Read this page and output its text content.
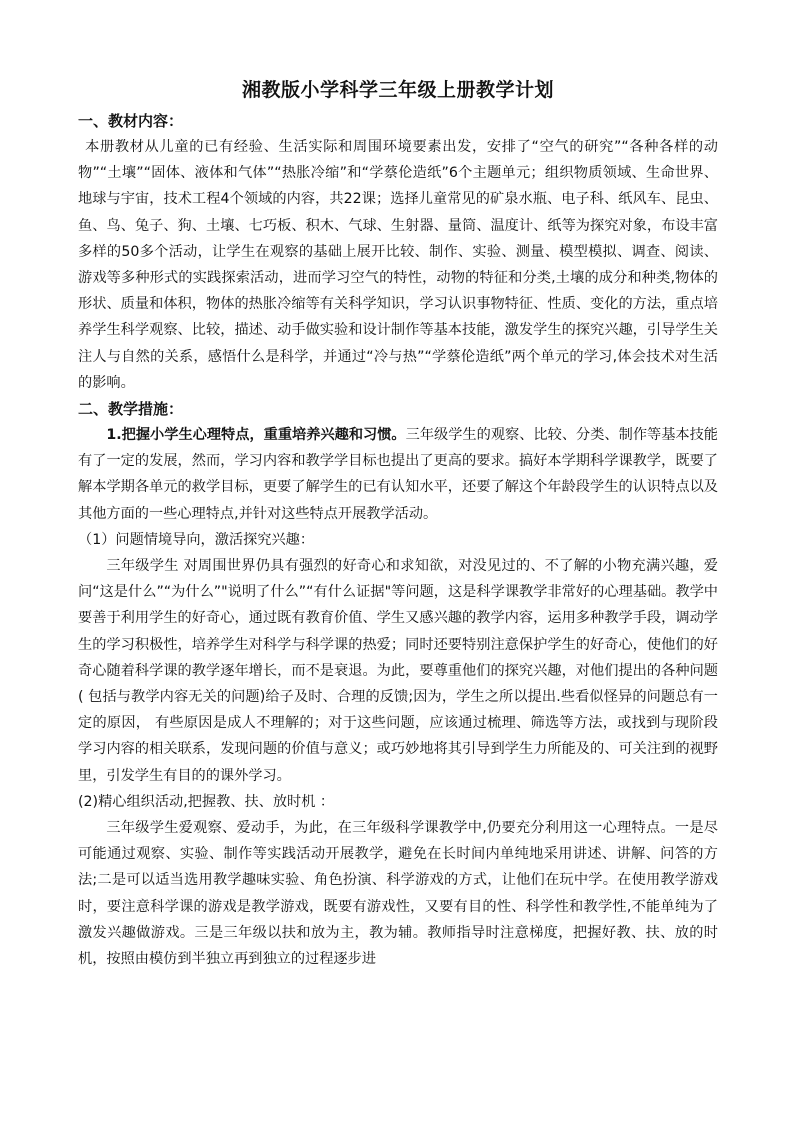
湘教版小学科学三年级上册教学计划

一、教材内容：

本册教材从儿童的已有经验、生活实际和周围环境要素出发，安排了“空气的研究”“各种各样的动物”“土壤”“固体、液体和气体”“热胀冷缩”和“学蔡伦造纸”6个主题单元；组织物质领域、生命世界、地球与宇宙，技术工程4个领域的内容，共22课；选择儿童常见的矿泉水瓶、电子科、纸风车、昆虫、鱼、鸟、兔子、狗、土壤、七巧板、积木、气球、生射器、量筒、温度计、纸等为探究对象，布设丰富多样的50多个活动，让学生在观察的基础上展开比较、制作、实验、测量、模型模拟、调查、阅读、游戏等多种形式的实践探索活动，进而学习空气的特性，动物的特征和分类,土壤的成分和种类,物体的形状、质量和体积，物体的热胀冷缩等有关科学知识，学习认识事物特征、性质、变化的方法，重点培养学生科学观察、比较，描述、动手做实验和设计制作等基本技能，激发学生的探究兴趣，引导学生关注人与自然的关系，感悟什么是科学，并通过“冷与热”“学蔡伦造纸”两个单元的学习,体会技术对生活的影响。

二、教学措施：

1.把握小学生心理特点，重重培养兴趣和习惯。三年级学生的观察、比较、分类、制作等基本技能有了一定的发展，然而，学习内容和教学学目标也提出了更高的要求。搞好本学期科学课教学，既要了解本学期各单元的救学目标，更要了解学生的已有认知水平，还要了解这个年龄段学生的认识特点以及其他方面的一些心理特点,并针对这些特点开展教学活动。

（1）问题情境导向，激活探究兴趣：

三年级学生 对周围世界仍具有强烈的好奇心和求知欲，对没见过的、不了解的小物充满兴趣，爱问“这是什么”“为什么”"说明了什么”“有什么证据"等问题，这是科学课教学非常好的心理基础。教学中要善于利用学生的好奇心，通过既有教育价值、学生又感兴趣的教学内容，运用多种教学手段，调动学生的学习积极性，培养学生对科学与科学课的热爱；同时还要特别注意保护学生的好奇心，使他们的好奇心随着科学课的教学逐年增长，而不是衰退。为此，要尊重他们的探究兴趣，对他们提出的各种问题( 包括与教学内容无关的问题)给子及时、合理的反馈;因为，学生之所以提出.些看似怪异的问题总有一定的原因， 有些原因是成人不理解的；对于这些问题，应该通过梳理、筛选等方法，或找到与现阶段学习内容的相关联系，发现问题的价值与意义；或巧妙地将其引导到学生力所能及的、可关注到的视野里，引发学生有目的的课外学习。

(2)精心组织活动,把握教、扶、放时机 ：

三年级学生爱观察、爱动手，为此，在三年级科学课教学中,仍要充分利用这一心理特点。一是尽可能通过观察、实验、制作等实践活动开展教学，避免在长时间内单纯地采用讲述、讲解、问答的方法;二是可以适当选用教学趣味实验、角色扮演、科学游戏的方式，让他们在玩中学。在使用教学游戏时，要注意科学课的游戏是教学游戏，既要有游戏性，又要有目的性、科学性和教学性,不能单纯为了激发兴趣做游戏。三是三年级以扶和放为主，教为辅。教师指导时注意梯度，把握好教、扶、放的时机，按照由模仿到半独立再到独立的过程逐步进
